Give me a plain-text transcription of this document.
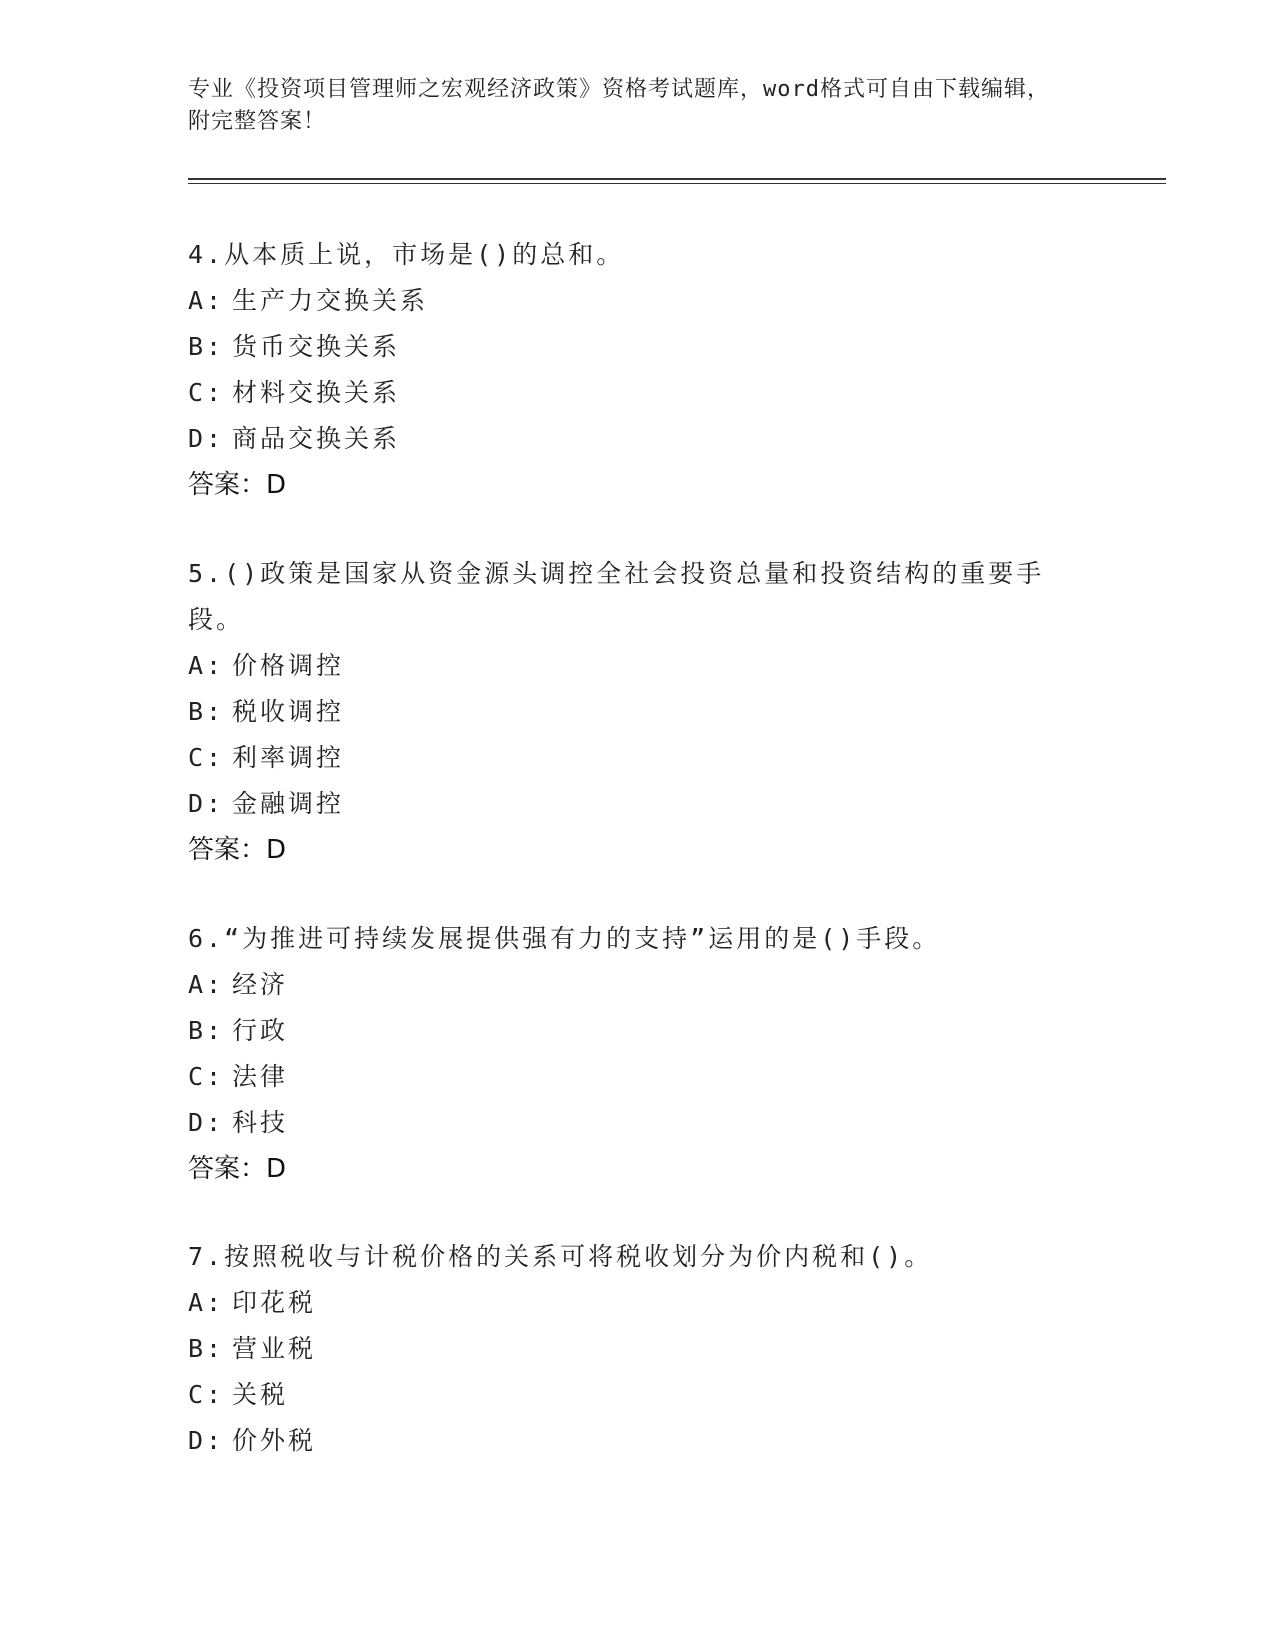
专业《投资项目管理师之宏观经济政策》资格考试题库，word格式可自由下载编辑，附完整答案！
4.从本质上说，市场是()的总和。
A: 生产力交换关系
B: 货币交换关系
C: 材料交换关系
D: 商品交换关系
答案：D
5.()政策是国家从资金源头调控全社会投资总量和投资结构的重要手段。
A: 价格调控
B: 税收调控
C: 利率调控
D: 金融调控
答案：D
6.“为推进可持续发展提供强有力的支持”运用的是()手段。
A: 经济
B: 行政
C: 法律
D: 科技
答案：D
7.按照税收与计税价格的关系可将税收划分为价内税和()。
A: 印花税
B: 营业税
C: 关税
D: 价外税
